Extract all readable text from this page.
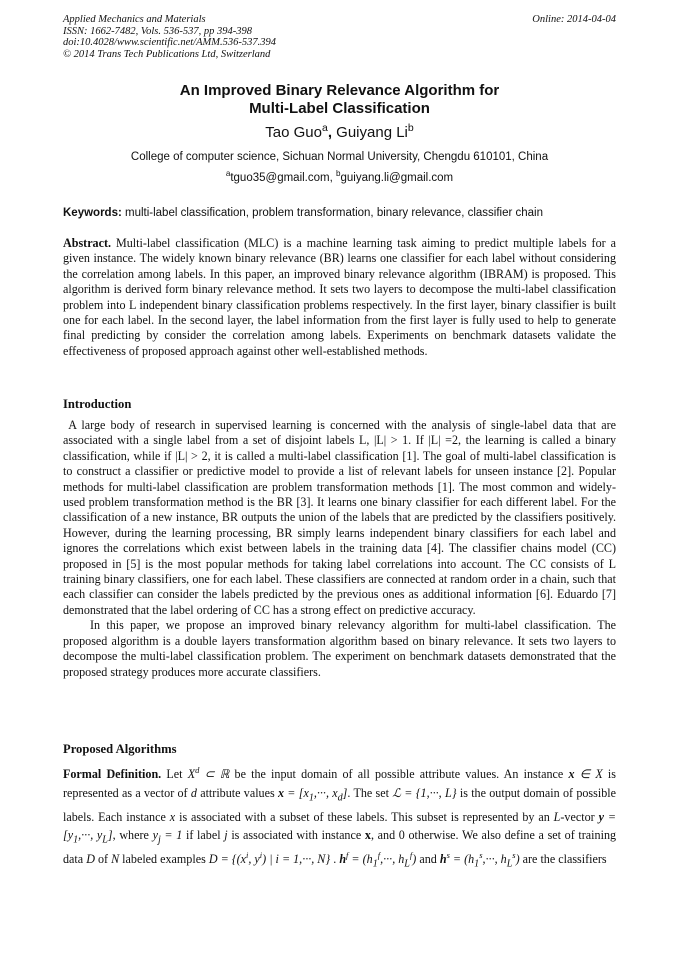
Applied Mechanics and Materials
ISSN: 1662-7482, Vols. 536-537, pp 394-398
doi:10.4028/www.scientific.net/AMM.536-537.394
© 2014 Trans Tech Publications Ltd, Switzerland
Online: 2014-04-04
An Improved Binary Relevance Algorithm for
Multi-Label Classification
Tao Guo$^a$, Guiyang Li$^b$
College of computer science, Sichuan Normal University, Chengdu 610101, China
$^a$tguo35@gmail.com, $^b$guiyang.li@gmail.com
Keywords: multi-label classification, problem transformation, binary relevance, classifier chain

Abstract. Multi-label classification (MLC) is a machine learning task aiming to predict multiple labels for a given instance. The widely known binary relevance (BR) learns one classifier for each label without considering the correlation among labels. In this paper, an improved binary relevance algorithm (IBRAM) is proposed. This algorithm is derived form binary relevance method. It sets two layers to decompose the multi-label classification problem into L independent binary classification problems respectively. In the first layer, binary classifier is built one for each label. In the second layer, the label information from the first layer is fully used to help to generate final predicting by consider the correlation among labels. Experiments on benchmark datasets validate the effectiveness of proposed approach against other well-established methods.

Introduction

A large body of research in supervised learning is concerned with the analysis of single-label data that are associated with a single label from a set of disjoint labels L, |L| > 1. If |L| =2, the learning is called a binary classification, while if |L| > 2, it is called a multi-label classification [1]. The goal of multi-label classification is to construct a classifier or predictive model to provide a list of relevant labels for unseen instance [2]. Popular methods for multi-label classification are problem transformation methods [1]. The most common and widely-used problem transformation method is the BR [3]. It learns one binary classifier for each different label. For the classification of a new instance, BR outputs the union of the labels that are predicted by the classifiers positively. However, during the learning processing, BR simply learns independent binary classifiers for each label and ignores the correlations which exist between labels in the training data [4]. The classifier chains model (CC) proposed in [5] is the most popular methods for taking label correlations into account. The CC consists of L training binary classifiers, one for each label. These classifiers are connected at random order in a chain, such that each classifier can consider the labels predicted by the previous ones as additional information [6]. Eduardo [7] demonstrated that the label ordering of CC has a strong effect on predictive accuracy.

In this paper, we propose an improved binary relevancy algorithm for multi-label classification. The proposed algorithm is a double layers transformation algorithm based on binary relevance. It sets two layers to decompose the multi-label classification problem. The experiment on benchmark datasets demonstrated that the proposed strategy produces more accurate classifiers.

Proposed Algorithms

Formal Definition. Let $X^d$ ⊂ ℝ be the input domain of all possible attribute values. An instance x ∈ X is represented as a vector of d attribute values $x = [x_1,\cdot\cdot\cdot$, $x_d$]. The set ℒ = {1,···, L} is the output domain of possible labels. Each instance x is associated with a subset of these labels. This subset is represented by an L-vector $y = [y_1,\cdot\cdot\cdot$, $y_L$], where $y_j = 1$ if label j is associated with instance x, and 0 otherwise. We also define a set of training data D of N labeled examples $D = \{(x^i$, $y^i$) | i = 1,···, N} . $h^f = (h_1^f,\cdot\cdot\cdot$, $h_L^f$) and $h^s = (h_1^s,\cdot\cdot\cdot$, $h_L^s$) are the classifiers
